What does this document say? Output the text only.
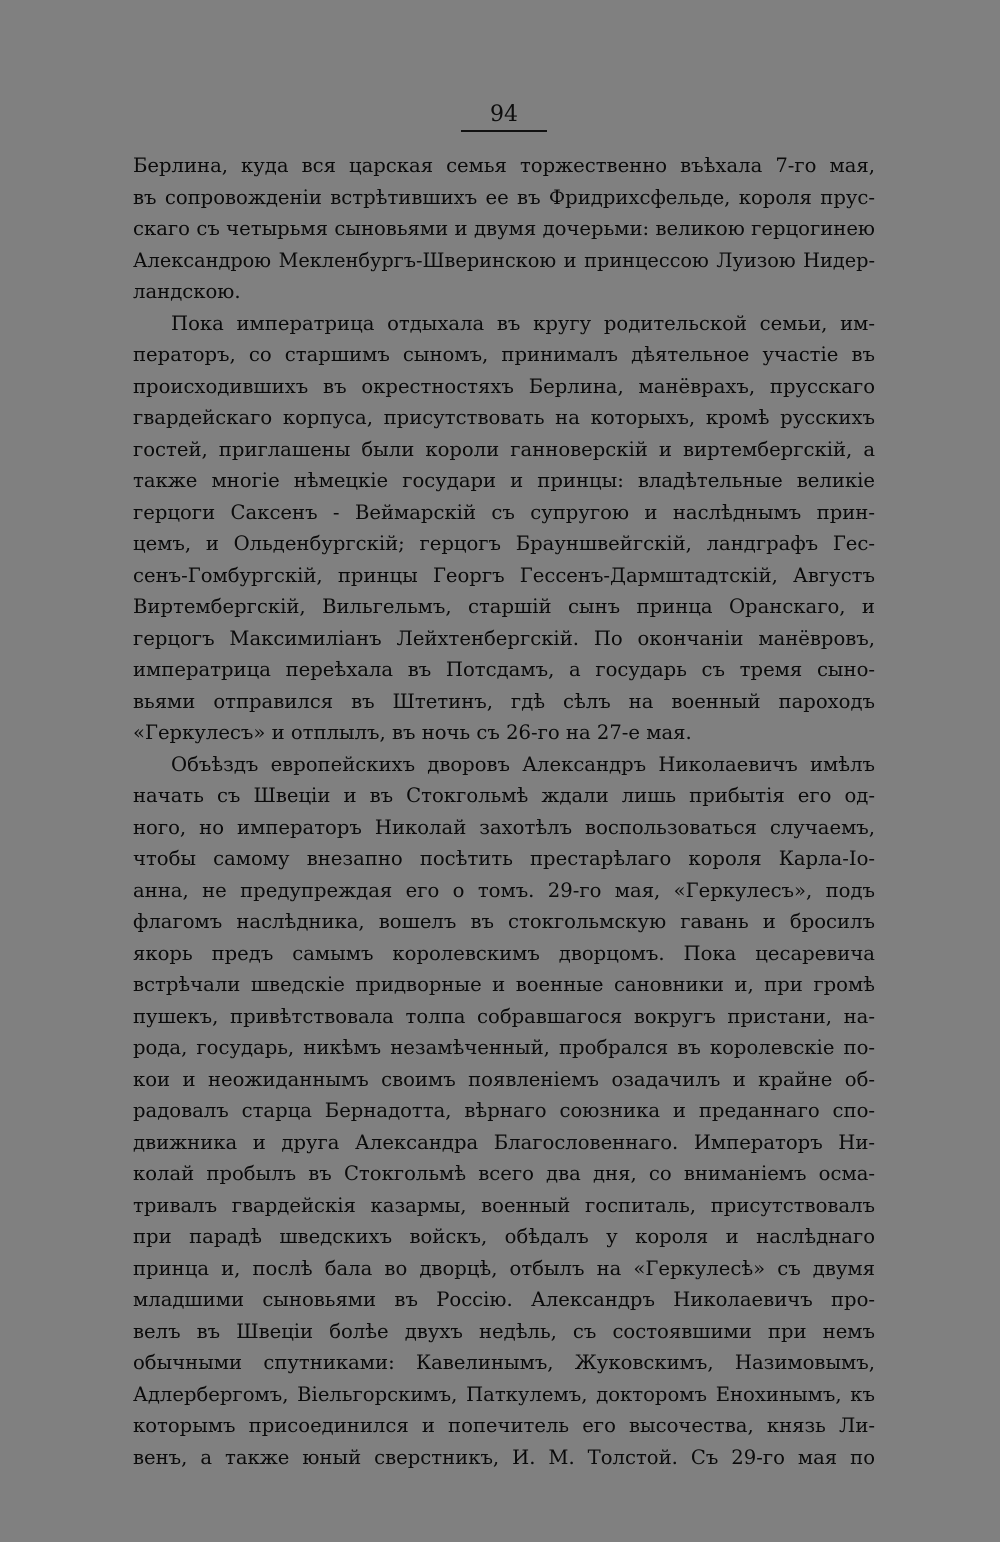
94
Берлина, куда вся царская семья торжественно въѣхала 7-го мая,
въ сопровожденіи встрѣтившихъ ее въ Фридрихсфельде, короля прус-
скаго съ четырьмя сыновьями и двумя дочерьми: великою герцогинею
Александрою Мекленбургъ-Шверинскою и принцессою Луизою Нидер-
ландскою.
Пока императрица отдыхала въ кругу родительской семьи, им-
ператоръ, со старшимъ сыномъ, принималъ дѣятельное участіе въ
происходившихъ въ окрестностяхъ Берлина, манёврахъ, прусскаго
гвардейскаго корпуса, присутствовать на которыхъ, кромѣ русскихъ
гостей, приглашены были короли ганноверскій и виртембергскій, а
также многіе нѣмецкіе государи и принцы: владѣтельные великіе
герцоги Саксенъ - Веймарскій съ супругою и наслѣднымъ прин-
цемъ, и Ольденбургскій; герцогъ Брауншвейгскій, ландграфъ Гес-
сенъ-Гомбургскій, принцы Георгъ Гессенъ-Дармштадтскій, Августъ
Виртембергскій, Вильгельмъ, старшій сынъ принца Оранскаго, и
герцогъ Максимиліанъ Лейхтенбергскій. По окончаніи манёвровъ,
императрица переѣхала въ Потсдамъ, а государь съ тремя сыно-
вьями отправился въ Штетинъ, гдѣ сѣлъ на военный пароходъ
«Геркулесъ» и отплылъ, въ ночь съ 26-го на 27-е мая.
Объѣздъ европейскихъ дворовъ Александръ Николаевичъ имѣлъ
начать съ Швеціи и въ Стокгольмѣ ждали лишь прибытія его од-
ного, но императоръ Николай захотѣлъ воспользоваться случаемъ,
чтобы самому внезапно посѣтить престарѣлаго короля Карла-Іо-
анна, не предупреждая его о томъ. 29-го мая, «Геркулесъ», подъ
флагомъ наслѣдника, вошелъ въ стокгольмскую гавань и бросилъ
якорь предъ самымъ королевскимъ дворцомъ. Пока цесаревича
встрѣчали шведскіе придворные и военные сановники и, при громѣ
пушекъ, привѣтствовала толпа собравшагося вокругъ пристани, на-
рода, государь, никѣмъ незамѣченный, пробрался въ королевскіе по-
кои и неожиданнымъ своимъ появленіемъ озадачилъ и крайне об-
радовалъ старца Бернадотта, вѣрнаго союзника и преданнаго спо-
движника и друга Александра Благословеннаго. Императоръ Ни-
колай пробылъ въ Стокгольмѣ всего два дня, со вниманіемъ осма-
тривалъ гвардейскія казармы, военный госпиталь, присутствовалъ
при парадѣ шведскихъ войскъ, обѣдалъ у короля и наслѣднаго
принца и, послѣ бала во дворцѣ, отбылъ на «Геркулесѣ» съ двумя
младшими сыновьями въ Россію. Александръ Николаевичъ про-
велъ въ Швеціи болѣе двухъ недѣль, съ состоявшими при немъ
обычными спутниками: Кавелинымъ, Жуковскимъ, Назимовымъ,
Адлербергомъ, Віельгорскимъ, Паткулемъ, докторомъ Енохинымъ, къ
которымъ присоединился и попечитель его высочества, князь Ли-
венъ, а также юный сверстникъ, И. М. Толстой. Съ 29-го мая по
